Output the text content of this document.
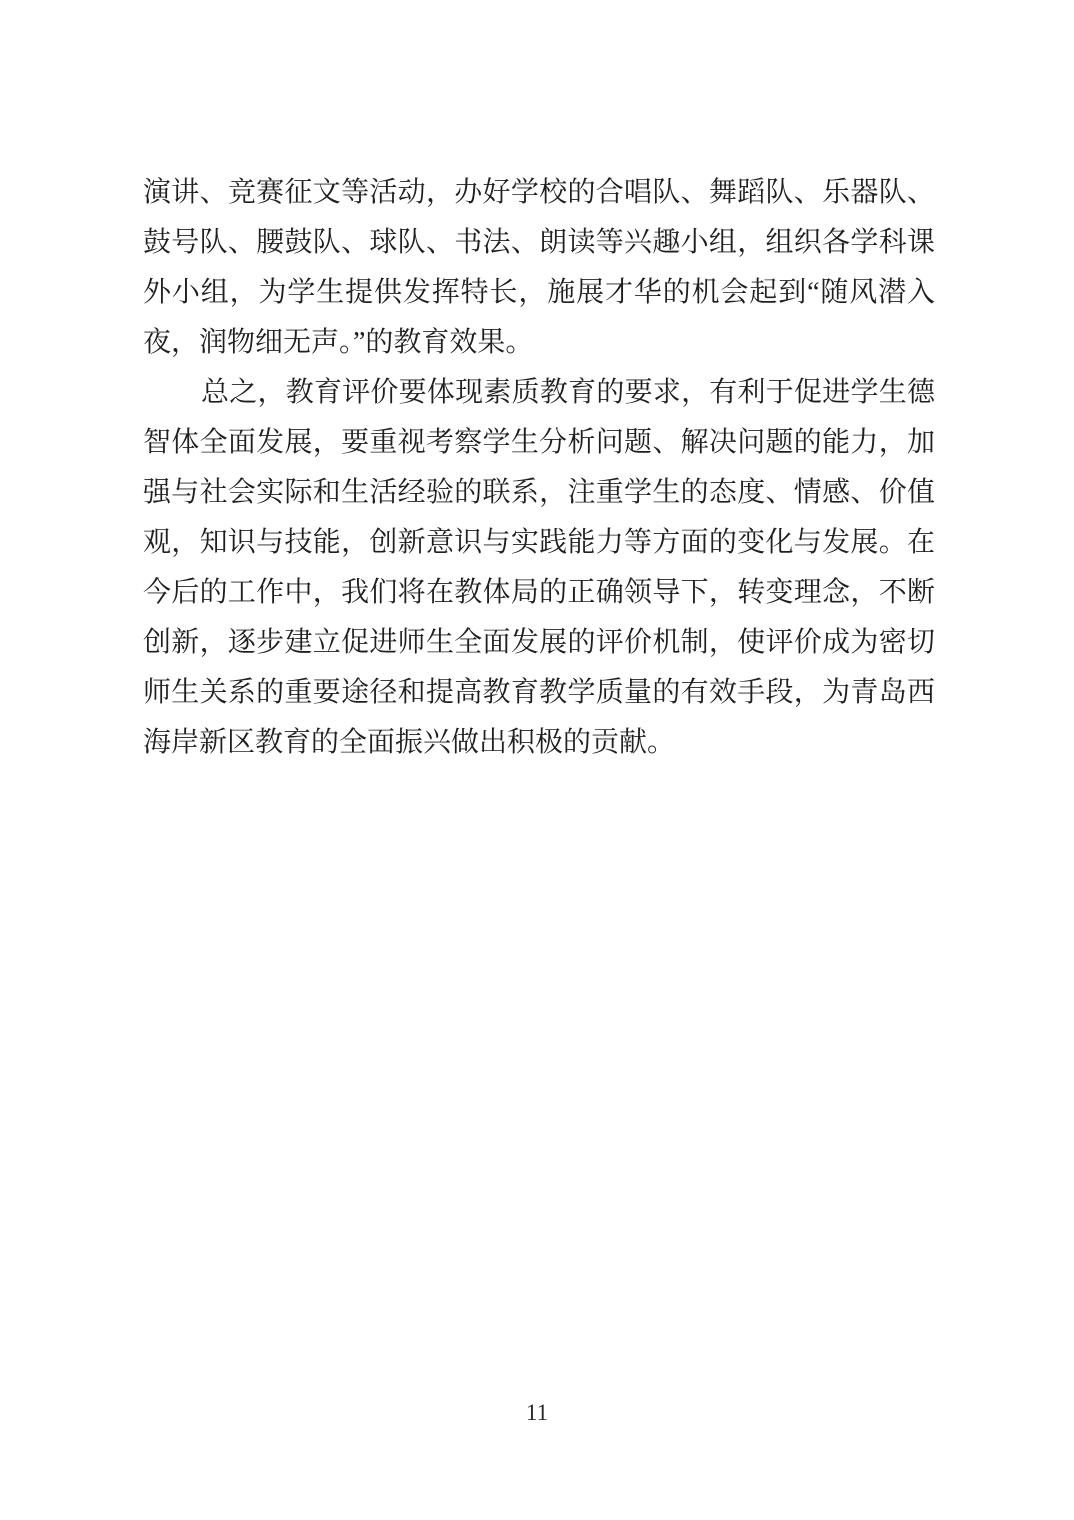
演讲、竞赛征文等活动，办好学校的合唱队、舞蹈队、乐器队、
鼓号队、腰鼓队、球队、书法、朗读等兴趣小组，组织各学科课
外小组，为学生提供发挥特长，施展才华的机会起到“随风潜入
夜，润物细无声。”的教育效果。
总之，教育评价要体现素质教育的要求，有利于促进学生德
智体全面发展，要重视考察学生分析问题、解决问题的能力，加
强与社会实际和生活经验的联系，注重学生的态度、情感、价值
观，知识与技能，创新意识与实践能力等方面的变化与发展。在
今后的工作中，我们将在教体局的正确领导下，转变理念，不断
创新，逐步建立促进师生全面发展的评价机制，使评价成为密切
师生关系的重要途径和提高教育教学质量的有效手段，为青岛西
海岸新区教育的全面振兴做出积极的贡献。
11
